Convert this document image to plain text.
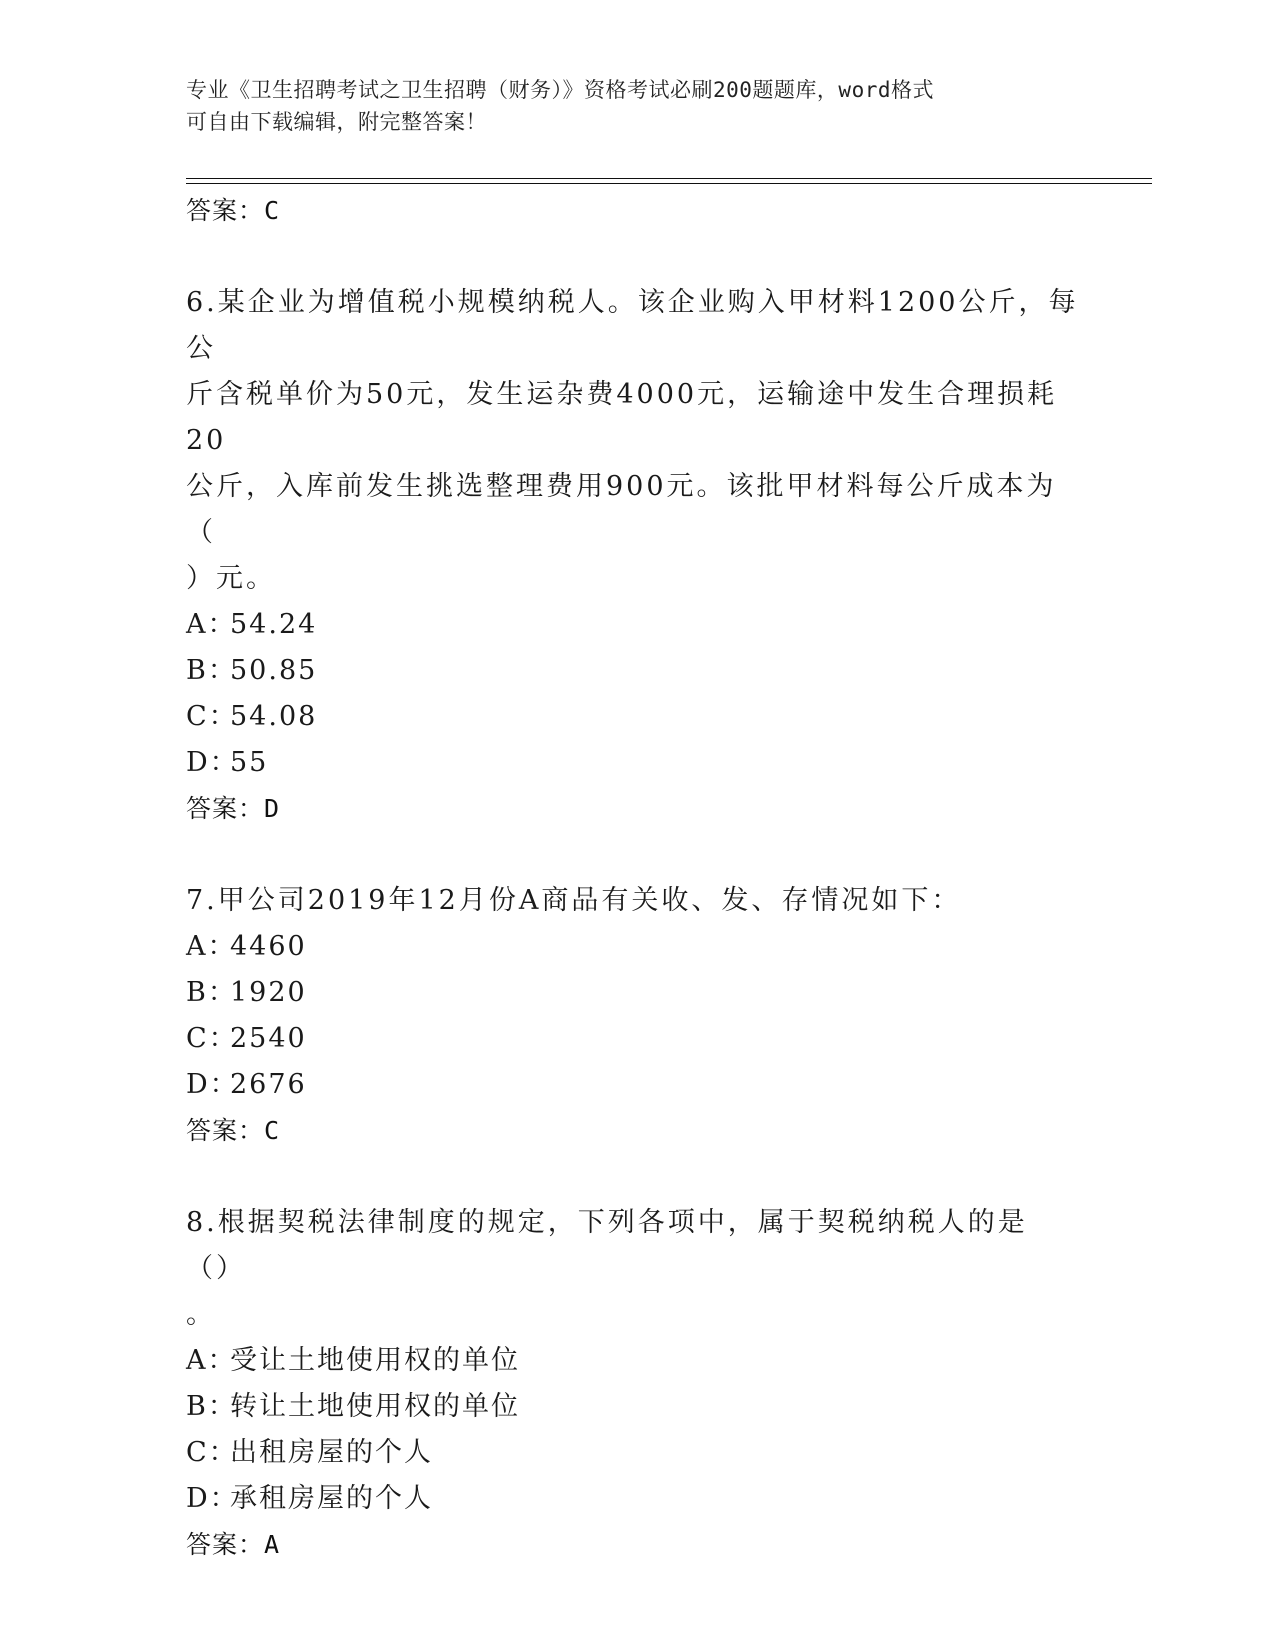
专业《卫生招聘考试之卫生招聘（财务）》资格考试必刷200题题库，word格式
可自由下载编辑，附完整答案！
答案：C
6.某企业为增值税小规模纳税人。该企业购入甲材料1200公斤，每公
斤含税单价为50元，发生运杂费4000元，运输途中发生合理损耗20
公斤，入库前发生挑选整理费用900元。该批甲材料每公斤成本为（
）元。
A：54.24
B：50.85
C：54.08
D：55
答案：D
7.甲公司2019年12月份A商品有关收、发、存情况如下：
A：4460
B：1920
C：2540
D：2676
答案：C
8.根据契税法律制度的规定，下列各项中，属于契税纳税人的是（）
。
A：受让土地使用权的单位
B：转让土地使用权的单位
C：出租房屋的个人
D：承租房屋的个人
答案：A
